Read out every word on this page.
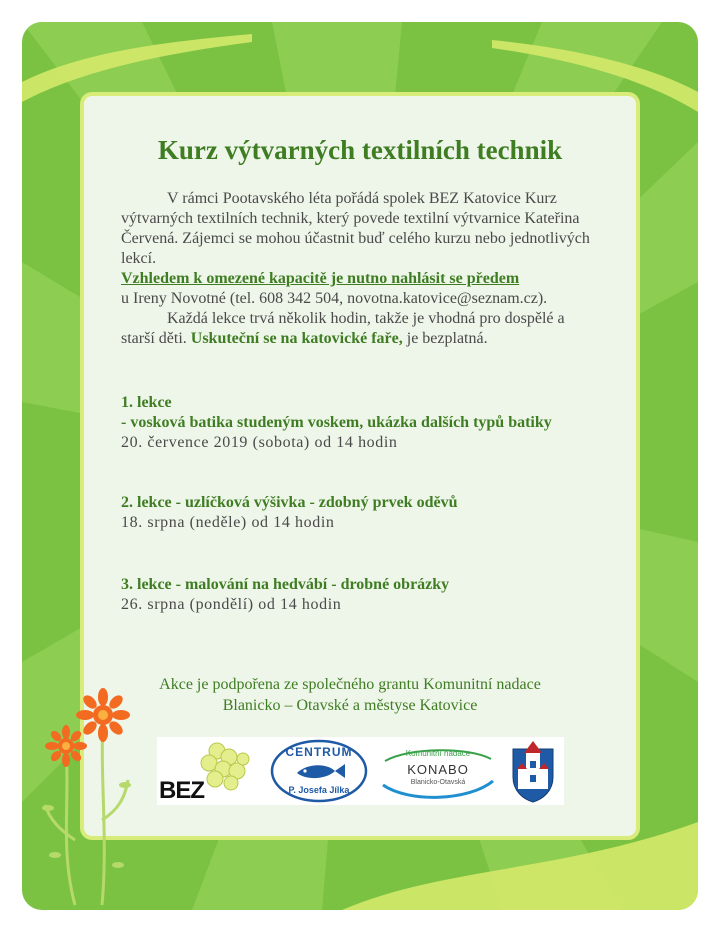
Kurz výtvarných textilních technik

V rámci Pootavského léta pořádá spolek BEZ Katovice Kurz výtvarných textilních technik, který povede textilní výtvarnice Kateřina Červená. Zájemci se mohou účastnit buď celého kurzu nebo jednotlivých lekcí.

Vzhledem k omezené kapacitě je nutno nahlásit se předem

u Ireny Novotné (tel. 608 342 504, novotna.katovice@seznam.cz).

Každá lekce trvá několik hodin, takže je vhodná pro dospělé a starší děti. Uskuteční se na katovické faře, je bezplatná.

1. lekce
- vosková batika studeným voskem, ukázka dalších typů batiky
20. července 2019 (sobota) od 14 hodin
2. lekce - uzlíčková výšivka - zdobný prvek oděvů
18. srpna (neděle) od 14 hodin
3. lekce - malování na hedvábí - drobné obrázky
26. srpna (pondělí) od 14 hodin
Akce je podpořena ze společného grantu Komunitní nadace
Blanicko – Otavské a městyse Katovice
BEZ
CENTRUM
P. Josefa Jílka
Komunitní nadace
KONABO
Blanicko-Otavská
